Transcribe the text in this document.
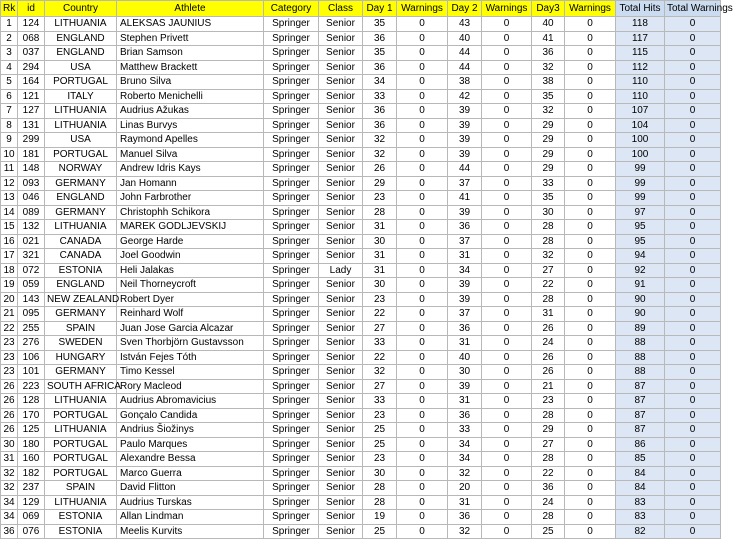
Rk	id	Country	Athlete	Category	Class	Day 1	Warnings	Day 2	Warnings	Day3	Warnings	Total Hits	Total Warnings
1	124	LITHUANIA	ALEKSAS JAUNIUS	Springer	Senior	35	0	43	0	40	0	118	0
2	068	ENGLAND	Stephen Privett	Springer	Senior	36	0	40	0	41	0	117	0
3	037	ENGLAND	Brian Samson	Springer	Senior	35	0	44	0	36	0	115	0
4	294	USA	Matthew Brackett	Springer	Senior	36	0	44	0	32	0	112	0
5	164	PORTUGAL	Bruno Silva	Springer	Senior	34	0	38	0	38	0	110	0
6	121	ITALY	Roberto Menichelli	Springer	Senior	33	0	42	0	35	0	110	0
7	127	LITHUANIA	Audrius Ažukas	Springer	Senior	36	0	39	0	32	0	107	0
8	131	LITHUANIA	Linas Burvys	Springer	Senior	36	0	39	0	29	0	104	0
9	299	USA	Raymond Apelles	Springer	Senior	32	0	39	0	29	0	100	0
10	181	PORTUGAL	Manuel Silva	Springer	Senior	32	0	39	0	29	0	100	0
11	148	NORWAY	Andrew Idris Kays	Springer	Senior	26	0	44	0	29	0	99	0
12	093	GERMANY	Jan Homann	Springer	Senior	29	0	37	0	33	0	99	0
13	046	ENGLAND	John Farbrother	Springer	Senior	23	0	41	0	35	0	99	0
14	089	GERMANY	Christophh Schikora	Springer	Senior	28	0	39	0	30	0	97	0
15	132	LITHUANIA	MAREK GODLJEVSKIJ	Springer	Senior	31	0	36	0	28	0	95	0
16	021	CANADA	George Harde	Springer	Senior	30	0	37	0	28	0	95	0
17	321	CANADA	Joel Goodwin	Springer	Senior	31	0	31	0	32	0	94	0
18	072	ESTONIA	Heli Jalakas	Springer	Lady	31	0	34	0	27	0	92	0
19	059	ENGLAND	Neil Thorneycroft	Springer	Senior	30	0	39	0	22	0	91	0
20	143	NEW ZEALAND	Robert Dyer	Springer	Senior	23	0	39	0	28	0	90	0
21	095	GERMANY	Reinhard Wolf	Springer	Senior	22	0	37	0	31	0	90	0
22	255	SPAIN	Juan Jose Garcia Alcazar	Springer	Senior	27	0	36	0	26	0	89	0
23	276	SWEDEN	Sven Thorbjörn Gustavsson	Springer	Senior	33	0	31	0	24	0	88	0
23	106	HUNGARY	István Fejes Tóth	Springer	Senior	22	0	40	0	26	0	88	0
23	101	GERMANY	Timo Kessel	Springer	Senior	32	0	30	0	26	0	88	0
26	223	SOUTH AFRICA	Rory Macleod	Springer	Senior	27	0	39	0	21	0	87	0
26	128	LITHUANIA	Audrius Abromavicius	Springer	Senior	33	0	31	0	23	0	87	0
26	170	PORTUGAL	Gonçalo Candida	Springer	Senior	23	0	36	0	28	0	87	0
26	125	LITHUANIA	Andrius Šiožinys	Springer	Senior	25	0	33	0	29	0	87	0
30	180	PORTUGAL	Paulo Marques	Springer	Senior	25	0	34	0	27	0	86	0
31	160	PORTUGAL	Alexandre Bessa	Springer	Senior	23	0	34	0	28	0	85	0
32	182	PORTUGAL	Marco Guerra	Springer	Senior	30	0	32	0	22	0	84	0
32	237	SPAIN	David Flitton	Springer	Senior	28	0	20	0	36	0	84	0
34	129	LITHUANIA	Audrius Turskas	Springer	Senior	28	0	31	0	24	0	83	0
34	069	ESTONIA	Allan Lindman	Springer	Senior	19	0	36	0	28	0	83	0
36	076	ESTONIA	Meelis Kurvits	Springer	Senior	25	0	32	0	25	0	82	0
